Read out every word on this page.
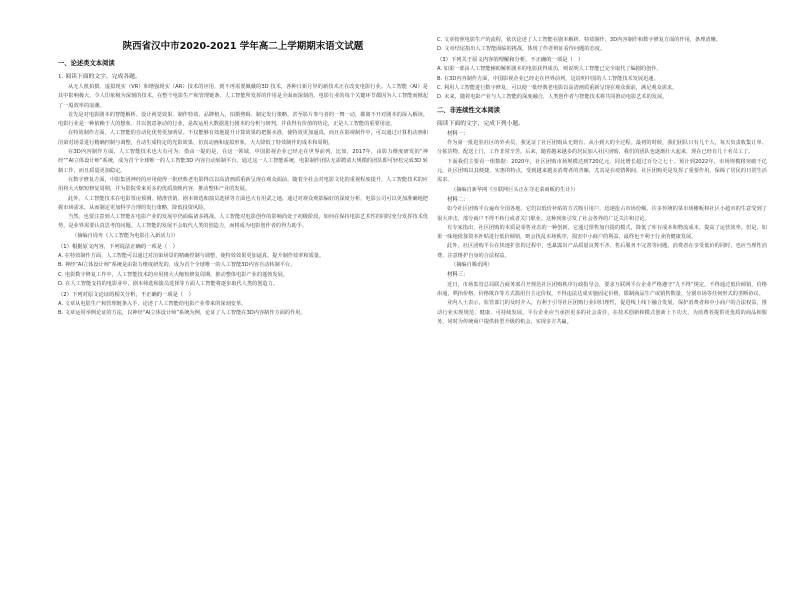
陕西省汉中市2020-2021 学年高二上学期期末语文试题
一、论述类文本阅读
1. 阅读下面的文字，完成各题。

从无人机拍摄、虚拟现实（VR）和增强现实（AR）技术的应用，到不再需要佩戴的3D 技术，各种日新月异的新技术正在改变电影行业。人工智能（AI）是其中影响极大、令人印象极为深刻的技术。在整个电影生产和管理链条，人工智能所发挥的作用是全面而深刻的，电影行业的每个关键环节都因为人工智能而掀起了一股效率的浪潮。

首先是对电影剧本的智能解析。设计视觉效果、制作特效、品牌植入、拍摄剪辑、制定发行策略，甚至影片参与者的一舞一动，都离不开对剧本的深入解读。电影行业是一种依赖于人的想象、并以创意驱动的行业，是故运用大数据进行剧本的分析与研判，并获得有价值的结论，正是人工智能的重要用途。

在特效制作方面，人工智能的自动化优势更加明显。不仅能够有效地提升计算效果的把握水准，使特效更加逼真，而且在影视制作中，可以通过计算机动画和渲染对场景进行精确控制与调整，自动生成特定的光影效果、仿真动画和虚拟形象，大大降低了特效制作的成本和周期。

在3D内容制作方面，人工智能技术也大有可为：借由一提的是，在这一领域，中国影视企业已经走在世界前列。比如，2017年，由影力维度研发的“神经”“AI立体设计师”系统，成为首个全球唯一的人工智能3D 内容自动转制平台，通过这一人工智能系统，电影制作团队无需聘请大规模的团队即可轻松完成3D 转制工作，而且质量更加稳定。

在数字修复方面，中影集团神经的应用使得一批经典老电影得以以高清画质重新呈现在观众面前。随着全社会对电影文化的重视程度提升，人工智能技术的应用将大大缩短修复周期，并为影院带来更多的优质放映内容，推动整体产业的发展。

此外，人工智能技术在电影票房预测、精准营销、剧本筛选和演员选择等方面也大有用武之地。通过对观众观影偏好的深度分析，电影公司可以更加准确地把握市场需求，从而制定更加科学合理的发行策略，降低投资风险。

当然，也要注意到人工智能在电影产业的发展中仍面临诸多挑战。人工智能对电影创作的影响尚处于初级阶段，如何在保持电影艺术性的同时充分发挥技术优势，是业界需要认真思考的问题。人工智能的发展不会取代人类的创造力，而将成为电影创作者的得力助手。

（摘编自周舟《人工智能为电影注入新活力》）
（1）根据原文内容，下列说法正确的一项是（　）

A. 在特效制作方面，人工智能可以通过对渲染场景的精确控制与调整，使特效效果更加逼真，提升制作效率和质量。

B. 神经“AI立体设计师”系统是由影力维度研发的，成为首个全球唯一的人工智能3D内容自动转制平台。

C. 电影数字修复工作中，人工智能技术的应用将大大缩短修复周期，推动整体电影产业的蓬勃发展。

D. 在人工智能支持的电影业中，剧本筛选和演员选择等方面人工智能将逐步取代人类的创造力。

（2）下列对原文论证的相关分析，不正确的一项是（　）

A. 文章从电影生产和管理链条入手，论述了人工智能给电影产业带来的深刻变革。

B. 文章运用举例论证的方法，以神经“AI立体设计师”系统为例，论证了人工智能在3D内容制作方面的作用。

C. 文章按照电影生产的流程，依次论述了人工智能在剧本解析、特效制作、3D内容制作和数字修复方面的作用，条理清晰。

D. 文章结尾指出人工智能面临的挑战，体现了作者辩证看待问题的态度。

（3）下列关于原文内容的理解和分析，不正确的一项是（　）

A. 如果一部由人工智能辅助解析剧本的电影获得成功，则说明人工智能已完全取代了编剧的创作。

B. 在3D内容制作方面，中国影视企业已经走在世界前列，这说明中国的人工智能技术发展迅速。

C. 利用人工智能进行数字修复，可以使一批经典老电影以高清画质重新呈现在观众面前，满足观众需求。

D. 未来，随着电影产业与人工智能的深度融合，人类创作者与智能技术将共同推动电影艺术的发展。

二、非连续性文本阅读
阅读下面的文字，完成下列小题。
材料一：

作为第一批进驻社区的外卖员，我见证了社区团购从无到有、从小到大的全过程。最初的时候，我们团队只有几个人，每天负责收集订单、分拣货物、配送上门，工作非常辛苦。后来，随着越来越多的居民加入社区团购，我们的团队也逐渐壮大起来，现在已经有几十名员工了。

下面我们主要看一组数据：2020年，社区团购市场规模达到720亿元，同比增长超过百分之七十。预计到2022年，市场规模将突破千亿元。社区团购以其便捷、实惠的特点，受到越来越多消费者的青睐，尤其是在疫情期间，社区团购更是发挥了重要作用，保障了居民的日常生活需求。

（摘编自新华网《互联网巨头正在夺走菜商贩的生计》）
材料二：

如今社区团购平台遍布全国各地，它们以低价补贴的方式吸引用户，迅速抢占市场份额。许多传统的菜市场摊贩和社区小超市的生意受到了很大冲击，部分商户不得不转行或者关门歇业。这种现象引发了社会各界的广泛关注和讨论。

有专家指出，社区团购的本质是零售业态的一种创新，它通过预售加自提的模式，降低了库存成本和物流成本，提高了运营效率。但是，如果一味地依靠资本补贴进行低价倾销，则会扰乱市场秩序，损害中小商户的利益，最终也不利于行业的健康发展。

此外，社区团购平台在快速扩张的过程中，也暴露出产品质量良莠不齐、售后服务不完善等问题。消费者在享受低价的同时，也应当理性消费，注意维护自身的合法权益。

（摘编自腾讯网）
材料三：

近日，市场监管总局联合商务部召开规范社区团购秩序行政指导会，要求互联网平台企业严格遵守“九不得”规定，不得通过低价倾销、价格串通、哄抬价格、价格欺诈等方式滥用自主定价权，不得违法达成实施固定价格、限制商品生产或销售数量、分割市场等任何形式的垄断协议。

业内人士表示，监管部门的及时介入，有利于引导社区团购行业回归理性，促进线上线下融合发展，保护消费者和中小商户的合法权益，推动行业实现规范、健康、可持续发展。平台企业应当承担更多的社会责任，在技术创新和模式创新上下功夫，为消费者提供更优质的商品和服务，同时为传统商户提供转型升级的机会，实现多方共赢。
